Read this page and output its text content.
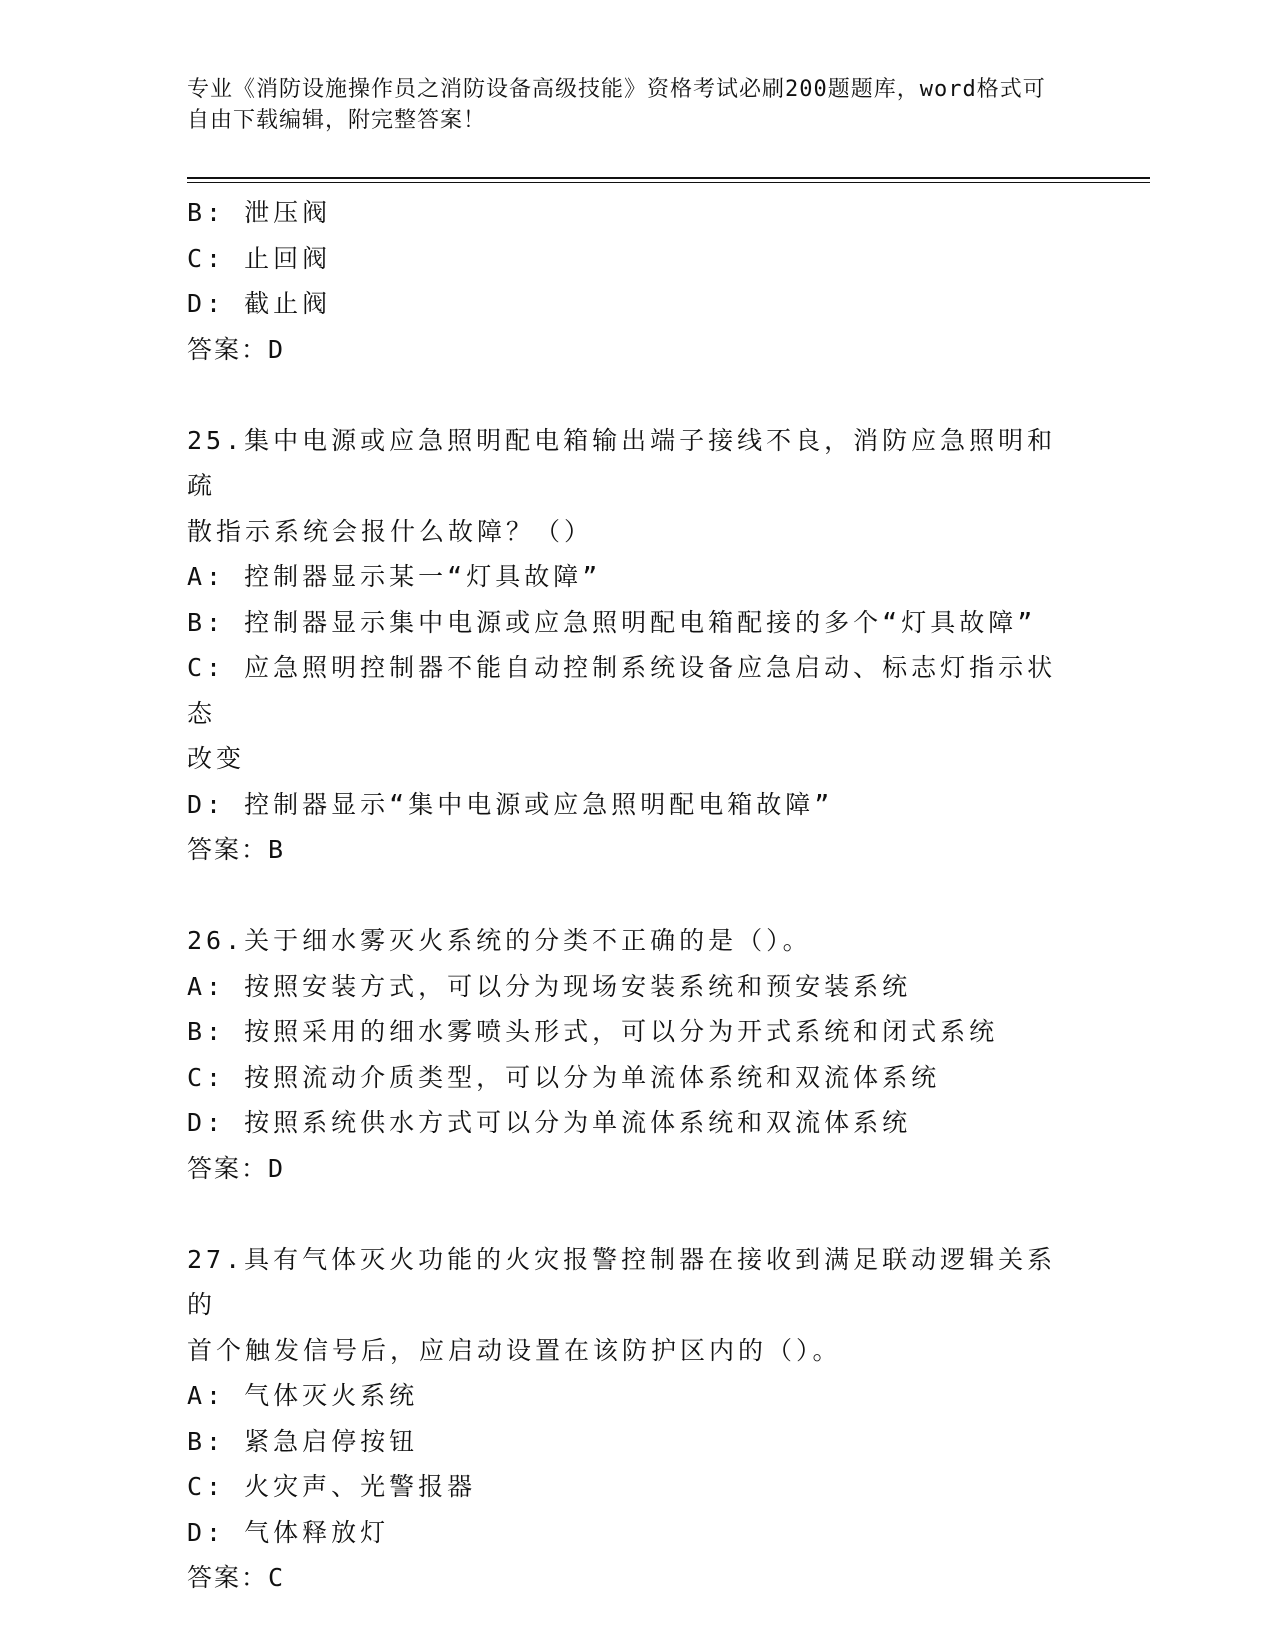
专业《消防设施操作员之消防设备高级技能》资格考试必刷200题题库，word格式可自由下载编辑，附完整答案！
B: 泄压阀
C: 止回阀
D: 截止阀
答案：D
25.集中电源或应急照明配电箱输出端子接线不良，消防应急照明和疏
散指示系统会报什么故障？（）
A: 控制器显示某一“灯具故障”
B: 控制器显示集中电源或应急照明配电箱配接的多个“灯具故障”
C: 应急照明控制器不能自动控制系统设备应急启动、标志灯指示状态
改变
D: 控制器显示“集中电源或应急照明配电箱故障”
答案：B
26.关于细水雾灭火系统的分类不正确的是（）。
A: 按照安装方式，可以分为现场安装系统和预安装系统
B: 按照采用的细水雾喷头形式，可以分为开式系统和闭式系统
C: 按照流动介质类型，可以分为单流体系统和双流体系统
D: 按照系统供水方式可以分为单流体系统和双流体系统
答案：D
27.具有气体灭火功能的火灾报警控制器在接收到满足联动逻辑关系的
首个触发信号后，应启动设置在该防护区内的（）。
A: 气体灭火系统
B: 紧急启停按钮
C: 火灾声、光警报器
D: 气体释放灯
答案：C
